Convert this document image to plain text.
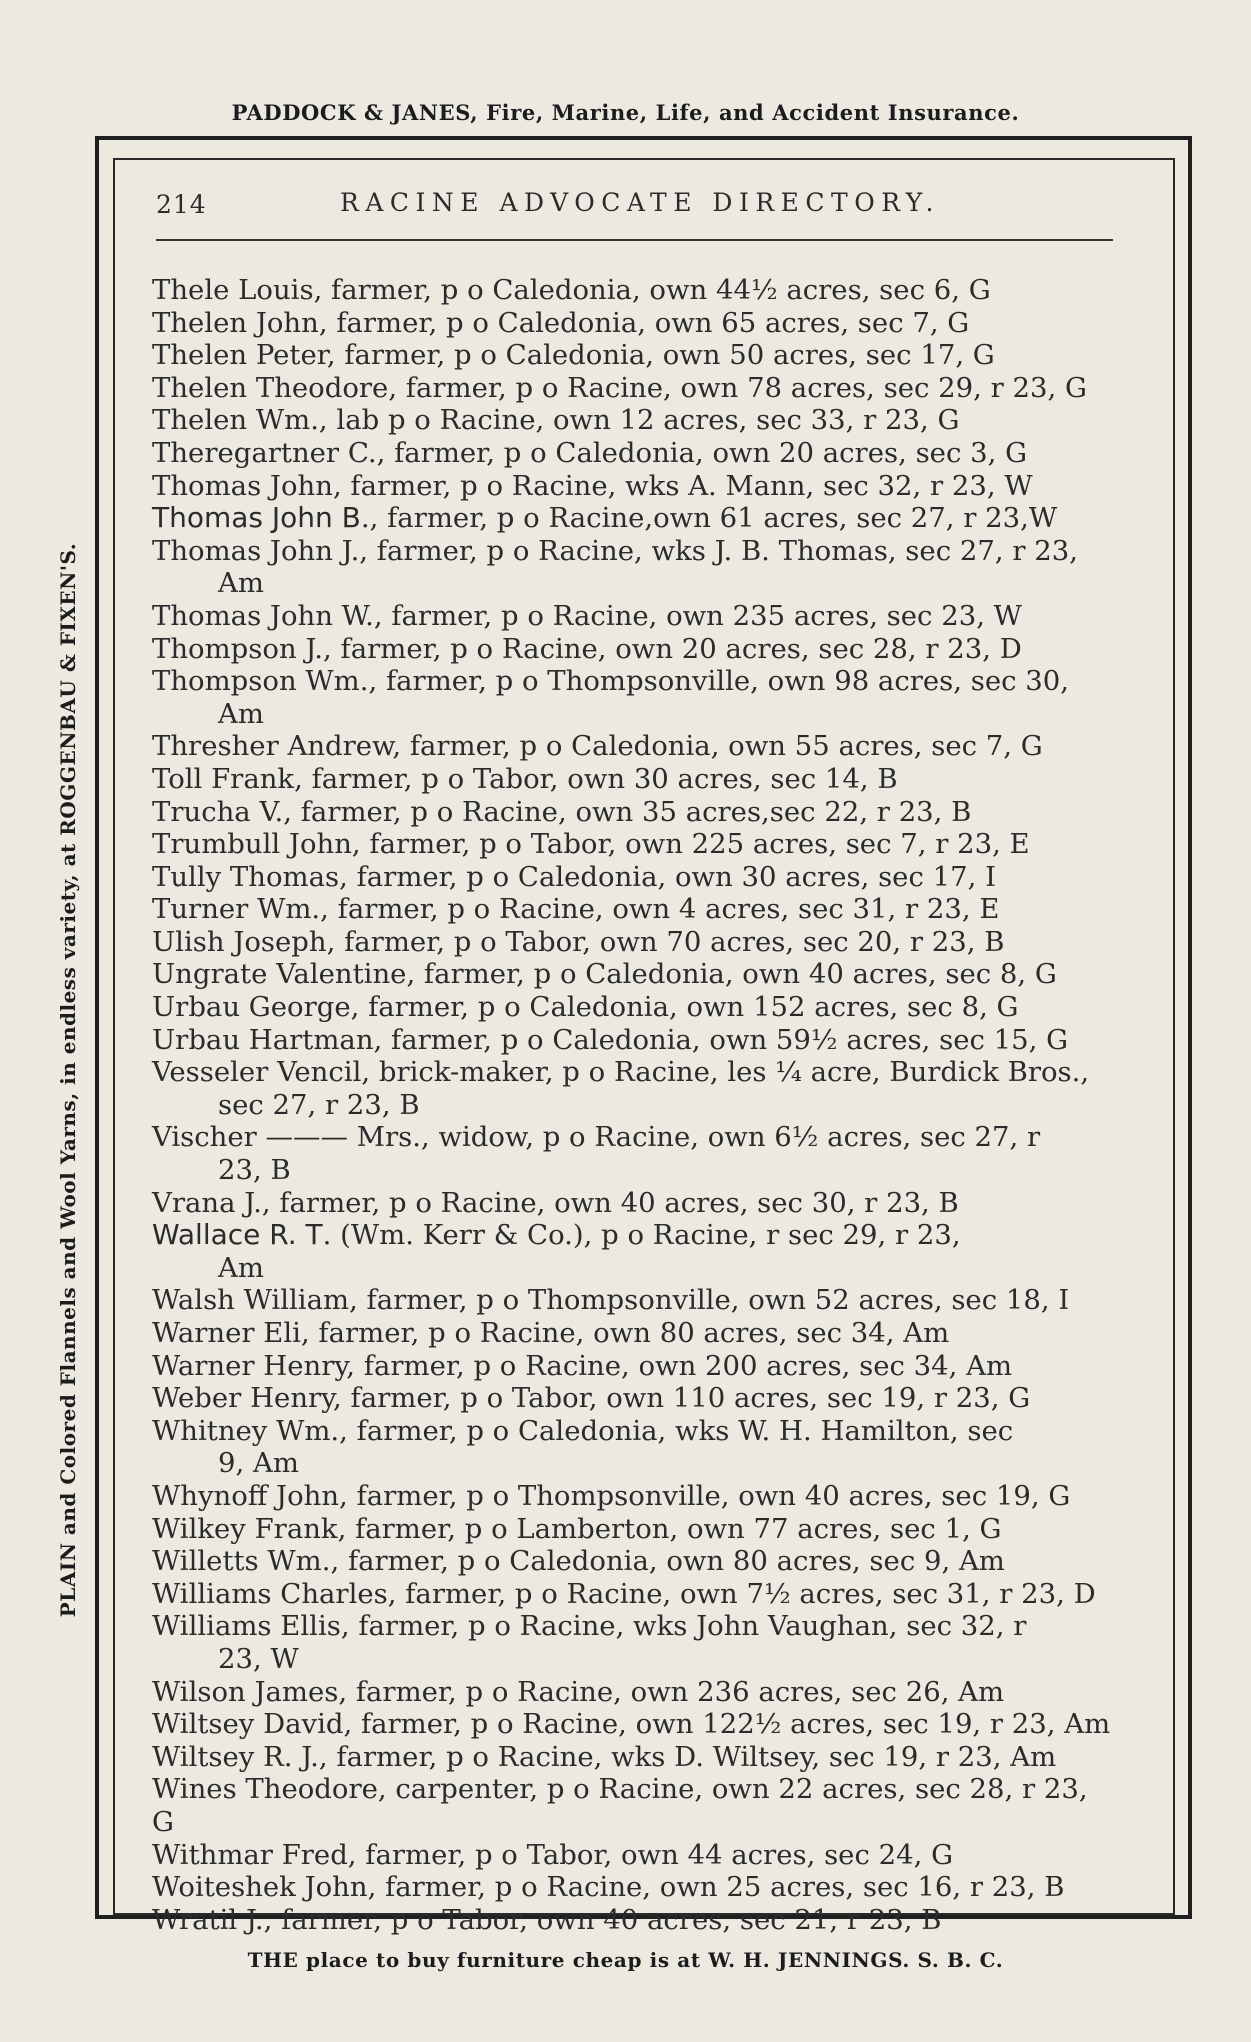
PADDOCK & JANES, Fire, Marine, Life, and Accident Insurance.
PLAIN and Colored Flannels and Wool Yarns, in endless variety, at ROGGENBAU & FIXEN'S.
214	RACINE ADVOCATE DIRECTORY.
Thele Louis, farmer, p o Caledonia, own 44½ acres, sec 6, G
Thelen John, farmer, p o Caledonia, own 65 acres, sec 7, G
Thelen Peter, farmer, p o Caledonia, own 50 acres, sec 17, G
Thelen Theodore, farmer, p o Racine, own 78 acres, sec 29, r 23, G
Thelen Wm., lab p o Racine, own 12 acres, sec 33, r 23, G
Theregartner C., farmer, p o Caledonia, own 20 acres, sec 3, G
Thomas John, farmer, p o Racine, wks A. Mann, sec 32, r 23, W
Thomas John B., farmer, p o Racine,own 61 acres, sec 27, r 23,W
Thomas John J., farmer, p o Racine, wks J. B. Thomas, sec 27, r 23,
Am
Thomas John W., farmer, p o Racine, own 235 acres, sec 23, W
Thompson J., farmer, p o Racine, own 20 acres, sec 28, r 23, D
Thompson Wm., farmer, p o Thompsonville, own 98 acres, sec 30,
Am
Thresher Andrew, farmer, p o Caledonia, own 55 acres, sec 7, G
Toll Frank, farmer, p o Tabor, own 30 acres, sec 14, B
Trucha V., farmer, p o Racine, own 35 acres,sec 22, r 23, B
Trumbull John, farmer, p o Tabor, own 225 acres, sec 7, r 23, E
Tully Thomas, farmer, p o Caledonia, own 30 acres, sec 17, I
Turner Wm., farmer, p o Racine, own 4 acres, sec 31, r 23, E
Ulish Joseph, farmer, p o Tabor, own 70 acres, sec 20, r 23, B
Ungrate Valentine, farmer, p o Caledonia, own 40 acres, sec 8, G
Urbau George, farmer, p o Caledonia, own 152 acres, sec 8, G
Urbau Hartman, farmer, p o Caledonia, own 59½ acres, sec 15, G
Vesseler Vencil, brick-maker, p o Racine, les ¼ acre, Burdick Bros.,
sec 27, r 23, B
Vischer ——— Mrs., widow, p o Racine, own 6½ acres, sec 27, r
23, B
Vrana J., farmer, p o Racine, own 40 acres, sec 30, r 23, B
Wallace R. T. (Wm. Kerr & Co.), p o Racine, r sec 29, r 23,
Am
Walsh William, farmer, p o Thompsonville, own 52 acres, sec 18, I
Warner Eli, farmer, p o Racine, own 80 acres, sec 34, Am
Warner Henry, farmer, p o Racine, own 200 acres, sec 34, Am
Weber Henry, farmer, p o Tabor, own 110 acres, sec 19, r 23, G
Whitney Wm., farmer, p o Caledonia, wks W. H. Hamilton, sec
9, Am
Whynoff John, farmer, p o Thompsonville, own 40 acres, sec 19, G
Wilkey Frank, farmer, p o Lamberton, own 77 acres, sec 1, G
Willetts Wm., farmer, p o Caledonia, own 80 acres, sec 9, Am
Williams Charles, farmer, p o Racine, own 7½ acres, sec 31, r 23, D
Williams Ellis, farmer, p o Racine, wks John Vaughan, sec 32, r
23, W
Wilson James, farmer, p o Racine, own 236 acres, sec 26, Am
Wiltsey David, farmer, p o Racine, own 122½ acres, sec 19, r 23, Am
Wiltsey R. J., farmer, p o Racine, wks D. Wiltsey, sec 19, r 23, Am
Wines Theodore, carpenter, p o Racine, own 22 acres, sec 28, r 23, G
Withmar Fred, farmer, p o Tabor, own 44 acres, sec 24, G
Woiteshek John, farmer, p o Racine, own 25 acres, sec 16, r 23, B
Wratil J., farmer, p o Tabor, own 40 acres, sec 21, r 23, B
THE place to buy furniture cheap is at W. H. JENNINGS. S. B. C.
